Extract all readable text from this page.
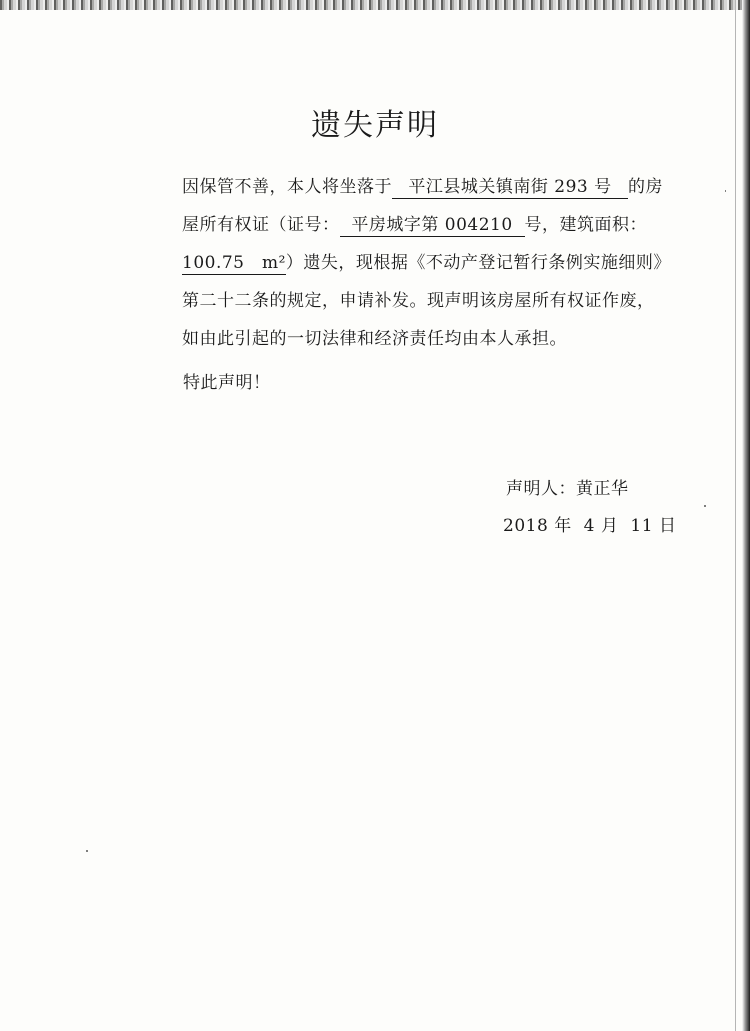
遗失声明

因保管不善，本人将坐落于 平江县城关镇南街 293 号 的房屋所有权证（证号： 平房城字第 004210 号，建筑面积：100.75　m²）遗失，现根据《不动产登记暂行条例实施细则》第二十二条的规定，申请补发。现声明该房屋所有权证作废，如由此引起的一切法律和经济责任均由本人承担。

特此声明！
声明人：黄正华
2018 年 4 月 11 日
